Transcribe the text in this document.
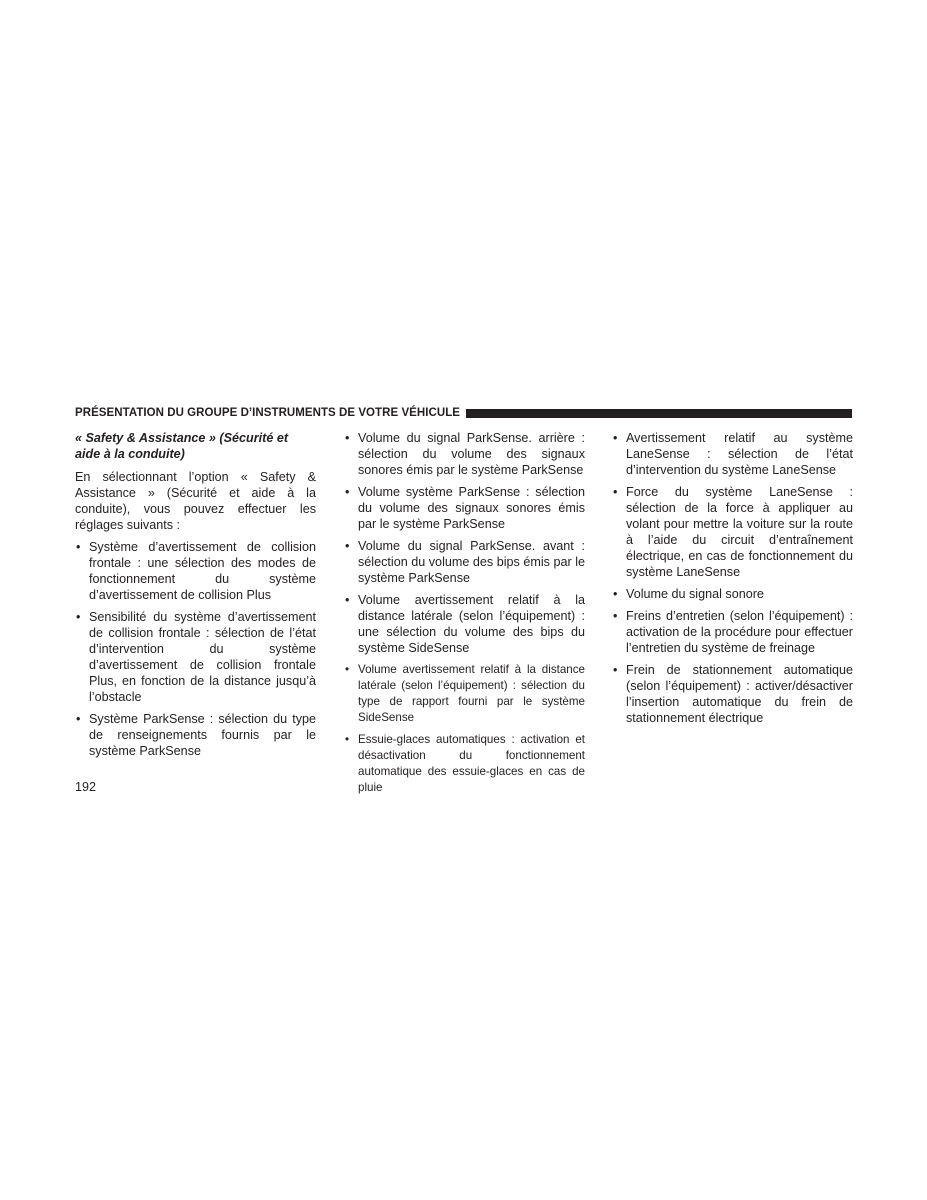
PRÉSENTATION DU GROUPE D’INSTRUMENTS DE VOTRE VÉHICULE
« Safety & Assistance » (Sécurité et
aide à la conduite)

En sélectionnant l’option « Safety & Assistance » (Sécurité et aide à la conduite), vous pouvez effectuer les réglages suivants :

• Système d’avertissement de collision frontale : une sélection des modes de fonctionnement du système d’avertissement de collision Plus
• Sensibilité du système d’avertissement de collision frontale : sélection de l’état d’intervention du système d’avertissement de collision frontale Plus, en fonction de la distance jusqu’à l’obstacle
• Système ParkSense : sélection du type de renseignements fournis par le système ParkSense
• Volume du signal ParkSense. arrière : sélection du volume des signaux sonores émis par le système ParkSense
• Volume système ParkSense : sélection du volume des signaux sonores émis par le système ParkSense
• Volume du signal ParkSense. avant : sélection du volume des bips émis par le système ParkSense
• Volume avertissement relatif à la distance latérale (selon l’équipement) : une sélection du volume des bips du système SideSense
• Volume avertissement relatif à la distance latérale (selon l’équipement) : sélection du type de rapport fourni par le système SideSense
• Essuie-glaces automatiques : activation et désactivation du fonctionnement automatique des essuie-glaces en cas de pluie
• Avertissement relatif au système LaneSense : sélection de l’état d’intervention du système LaneSense
• Force du système LaneSense : sélection de la force à appliquer au volant pour mettre la voiture sur la route à l’aide du circuit d’entraînement électrique, en cas de fonctionnement du système LaneSense
• Volume du signal sonore
• Freins d’entretien (selon l’équipement) : activation de la procédure pour effectuer l’entretien du système de freinage
• Frein de stationnement automatique (selon l’équipement) : activer/désactiver l’insertion automatique du frein de stationnement électrique
192
